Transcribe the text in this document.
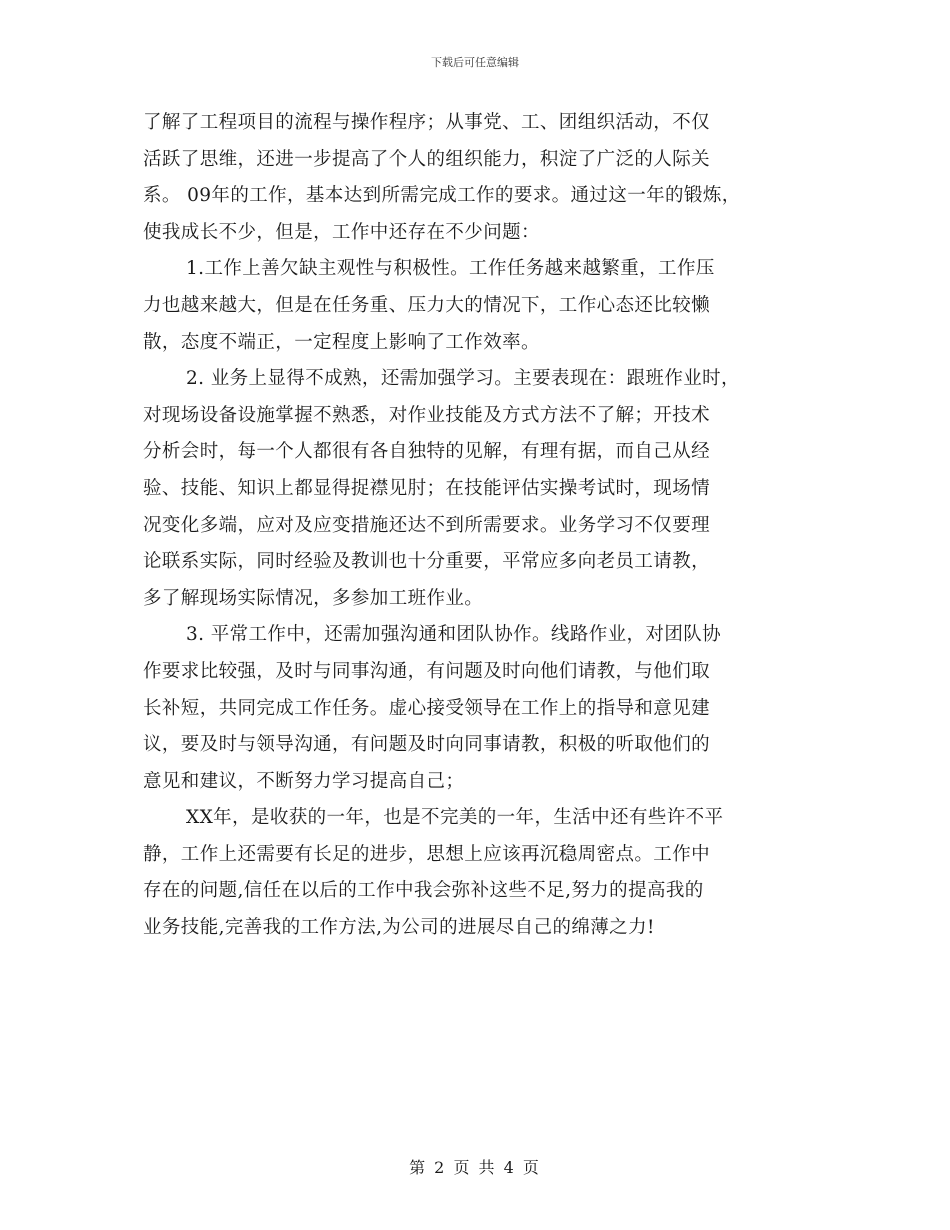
下载后可任意编辑
了解了工程项目的流程与操作程序；从事党、工、团组织活动，不仅
活跃了思维，还进一步提高了个人的组织能力，积淀了广泛的人际关
系。 09年的工作，基本达到所需完成工作的要求。通过这一年的锻炼，
使我成长不少，但是，工作中还存在不少问题：
1.工作上善欠缺主观性与积极性。工作任务越来越繁重，工作压
力也越来越大，但是在任务重、压力大的情况下，工作心态还比较懒
散，态度不端正，一定程度上影响了工作效率。
2. 业务上显得不成熟，还需加强学习。主要表现在：跟班作业时，
对现场设备设施掌握不熟悉，对作业技能及方式方法不了解；开技术
分析会时，每一个人都很有各自独特的见解，有理有据，而自己从经
验、技能、知识上都显得捉襟见肘；在技能评估实操考试时，现场情
况变化多端，应对及应变措施还达不到所需要求。业务学习不仅要理
论联系实际，同时经验及教训也十分重要，平常应多向老员工请教，
多了解现场实际情况，多参加工班作业。
3. 平常工作中，还需加强沟通和团队协作。线路作业，对团队协
作要求比较强，及时与同事沟通，有问题及时向他们请教，与他们取
长补短，共同完成工作任务。虚心接受领导在工作上的指导和意见建
议，要及时与领导沟通，有问题及时向同事请教，积极的听取他们的
意见和建议，不断努力学习提高自己；
XX年，是收获的一年，也是不完美的一年，生活中还有些许不平
静，工作上还需要有长足的进步，思想上应该再沉稳周密点。工作中
存在的问题,信任在以后的工作中我会弥补这些不足,努力的提高我的
业务技能,完善我的工作方法,为公司的进展尽自己的绵薄之力!
第 2 页 共 4 页
